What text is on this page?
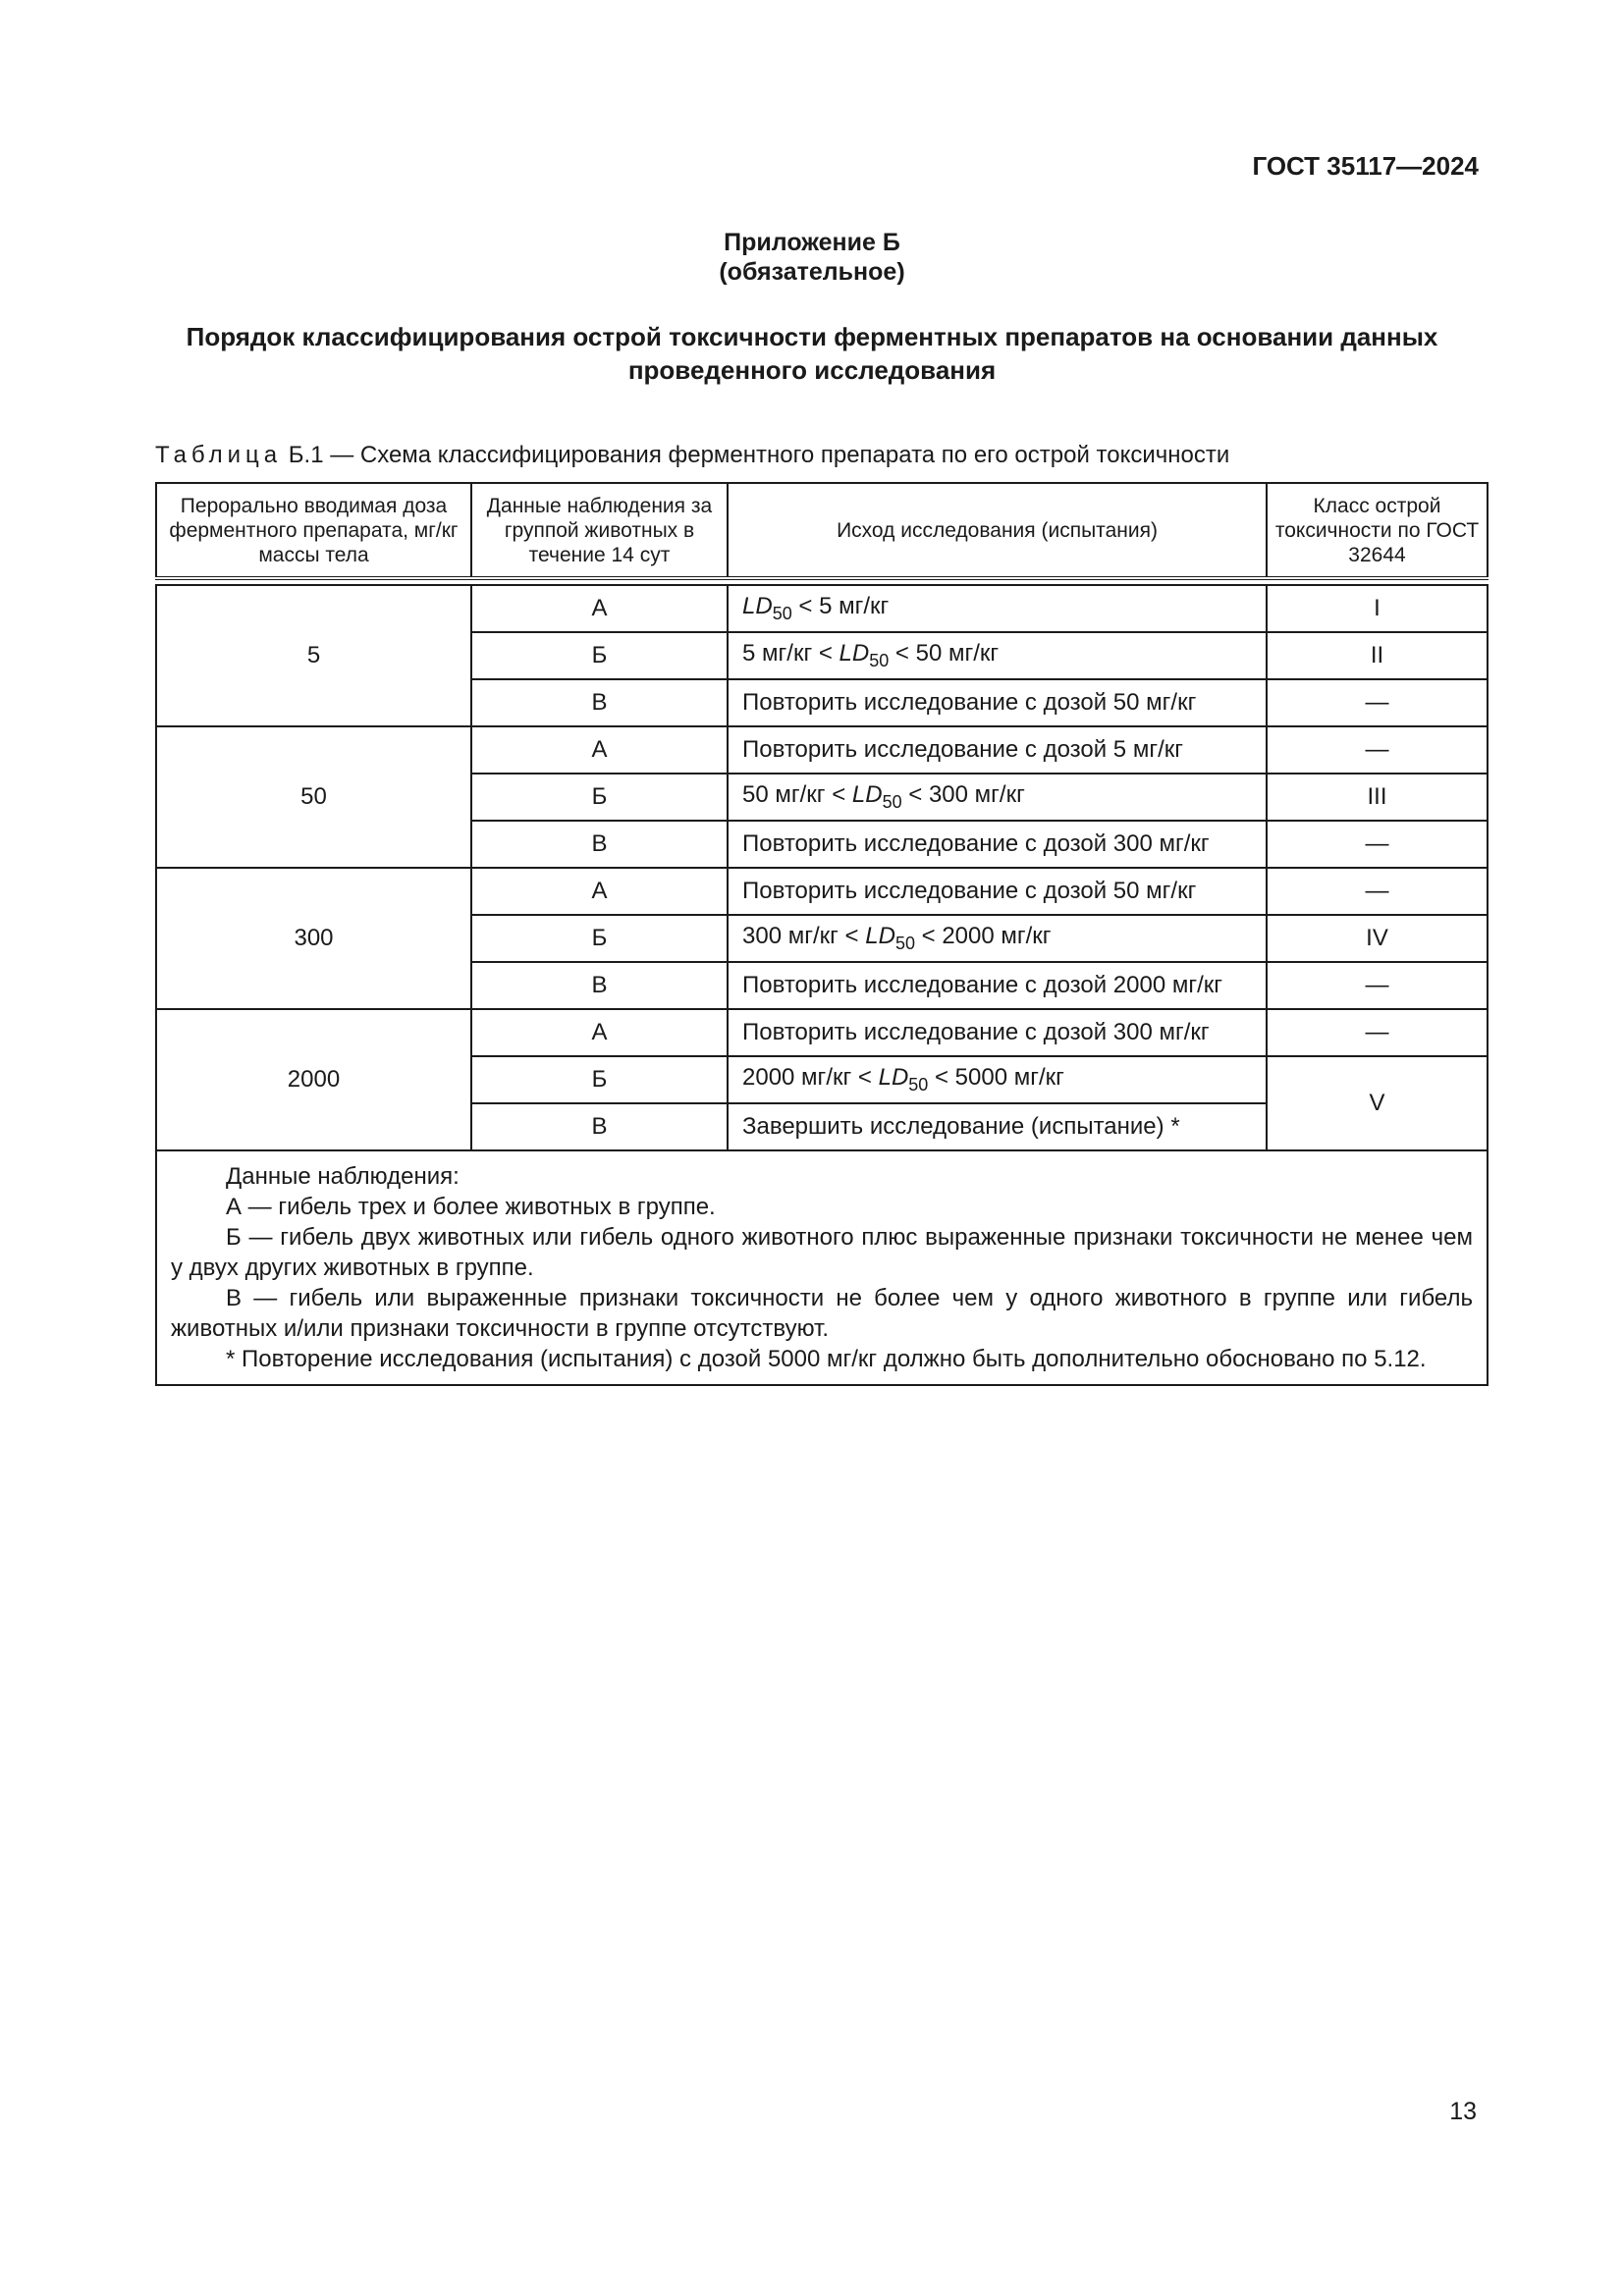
ГОСТ 35117—2024
Приложение Б
(обязательное)
Порядок классифицирования острой токсичности ферментных препаратов на основании данных проведенного исследования
Таблица Б.1 — Схема классифицирования ферментного препарата по его острой токсичности
Перорально вводимая доза ферментного препарата, мг/кг массы тела	Данные наблюдения за группой животных в течение 14 сут	Исход исследования (испытания)	Класс острой токсичности по ГОСТ 32644

5	А	$LD_{50} < 5$ мг/кг	I
	Б	5 $мг/кг < LD_{50} < 50$ мг/кг	II
	В	Повторить исследование с дозой 50 мг/кг	—
50	А	Повторить исследование с дозой 5 мг/кг	—
	Б	50 $мг/кг < LD_{50} < 300$ мг/кг	III
	В	Повторить исследование с дозой 300 мг/кг	—
300	А	Повторить исследование с дозой 50 мг/кг	—
	Б	300 $мг/кг < LD_{50} < 2000$ мг/кг	IV
	В	Повторить исследование с дозой 2000 мг/кг	—
2000	А	Повторить исследование с дозой 300 мг/кг	—
	Б	2000 $мг/кг < LD_{50} < 5000$ мг/кг	V
	В	Завершить исследование (испытание) *	

Данные наблюдения:

А — гибель трех и более животных в группе.

Б — гибель двух животных или гибель одного животного плюс выраженные признаки токсичности не менее чем у двух других животных в группе.

В — гибель или выраженные признаки токсичности не более чем у одного животного в группе или гибель животных и/или признаки токсичности в группе отсутствуют.

* Повторение исследования (испытания) с дозой 5000 мг/кг должно быть дополнительно обосновано по 5.12.			

13
